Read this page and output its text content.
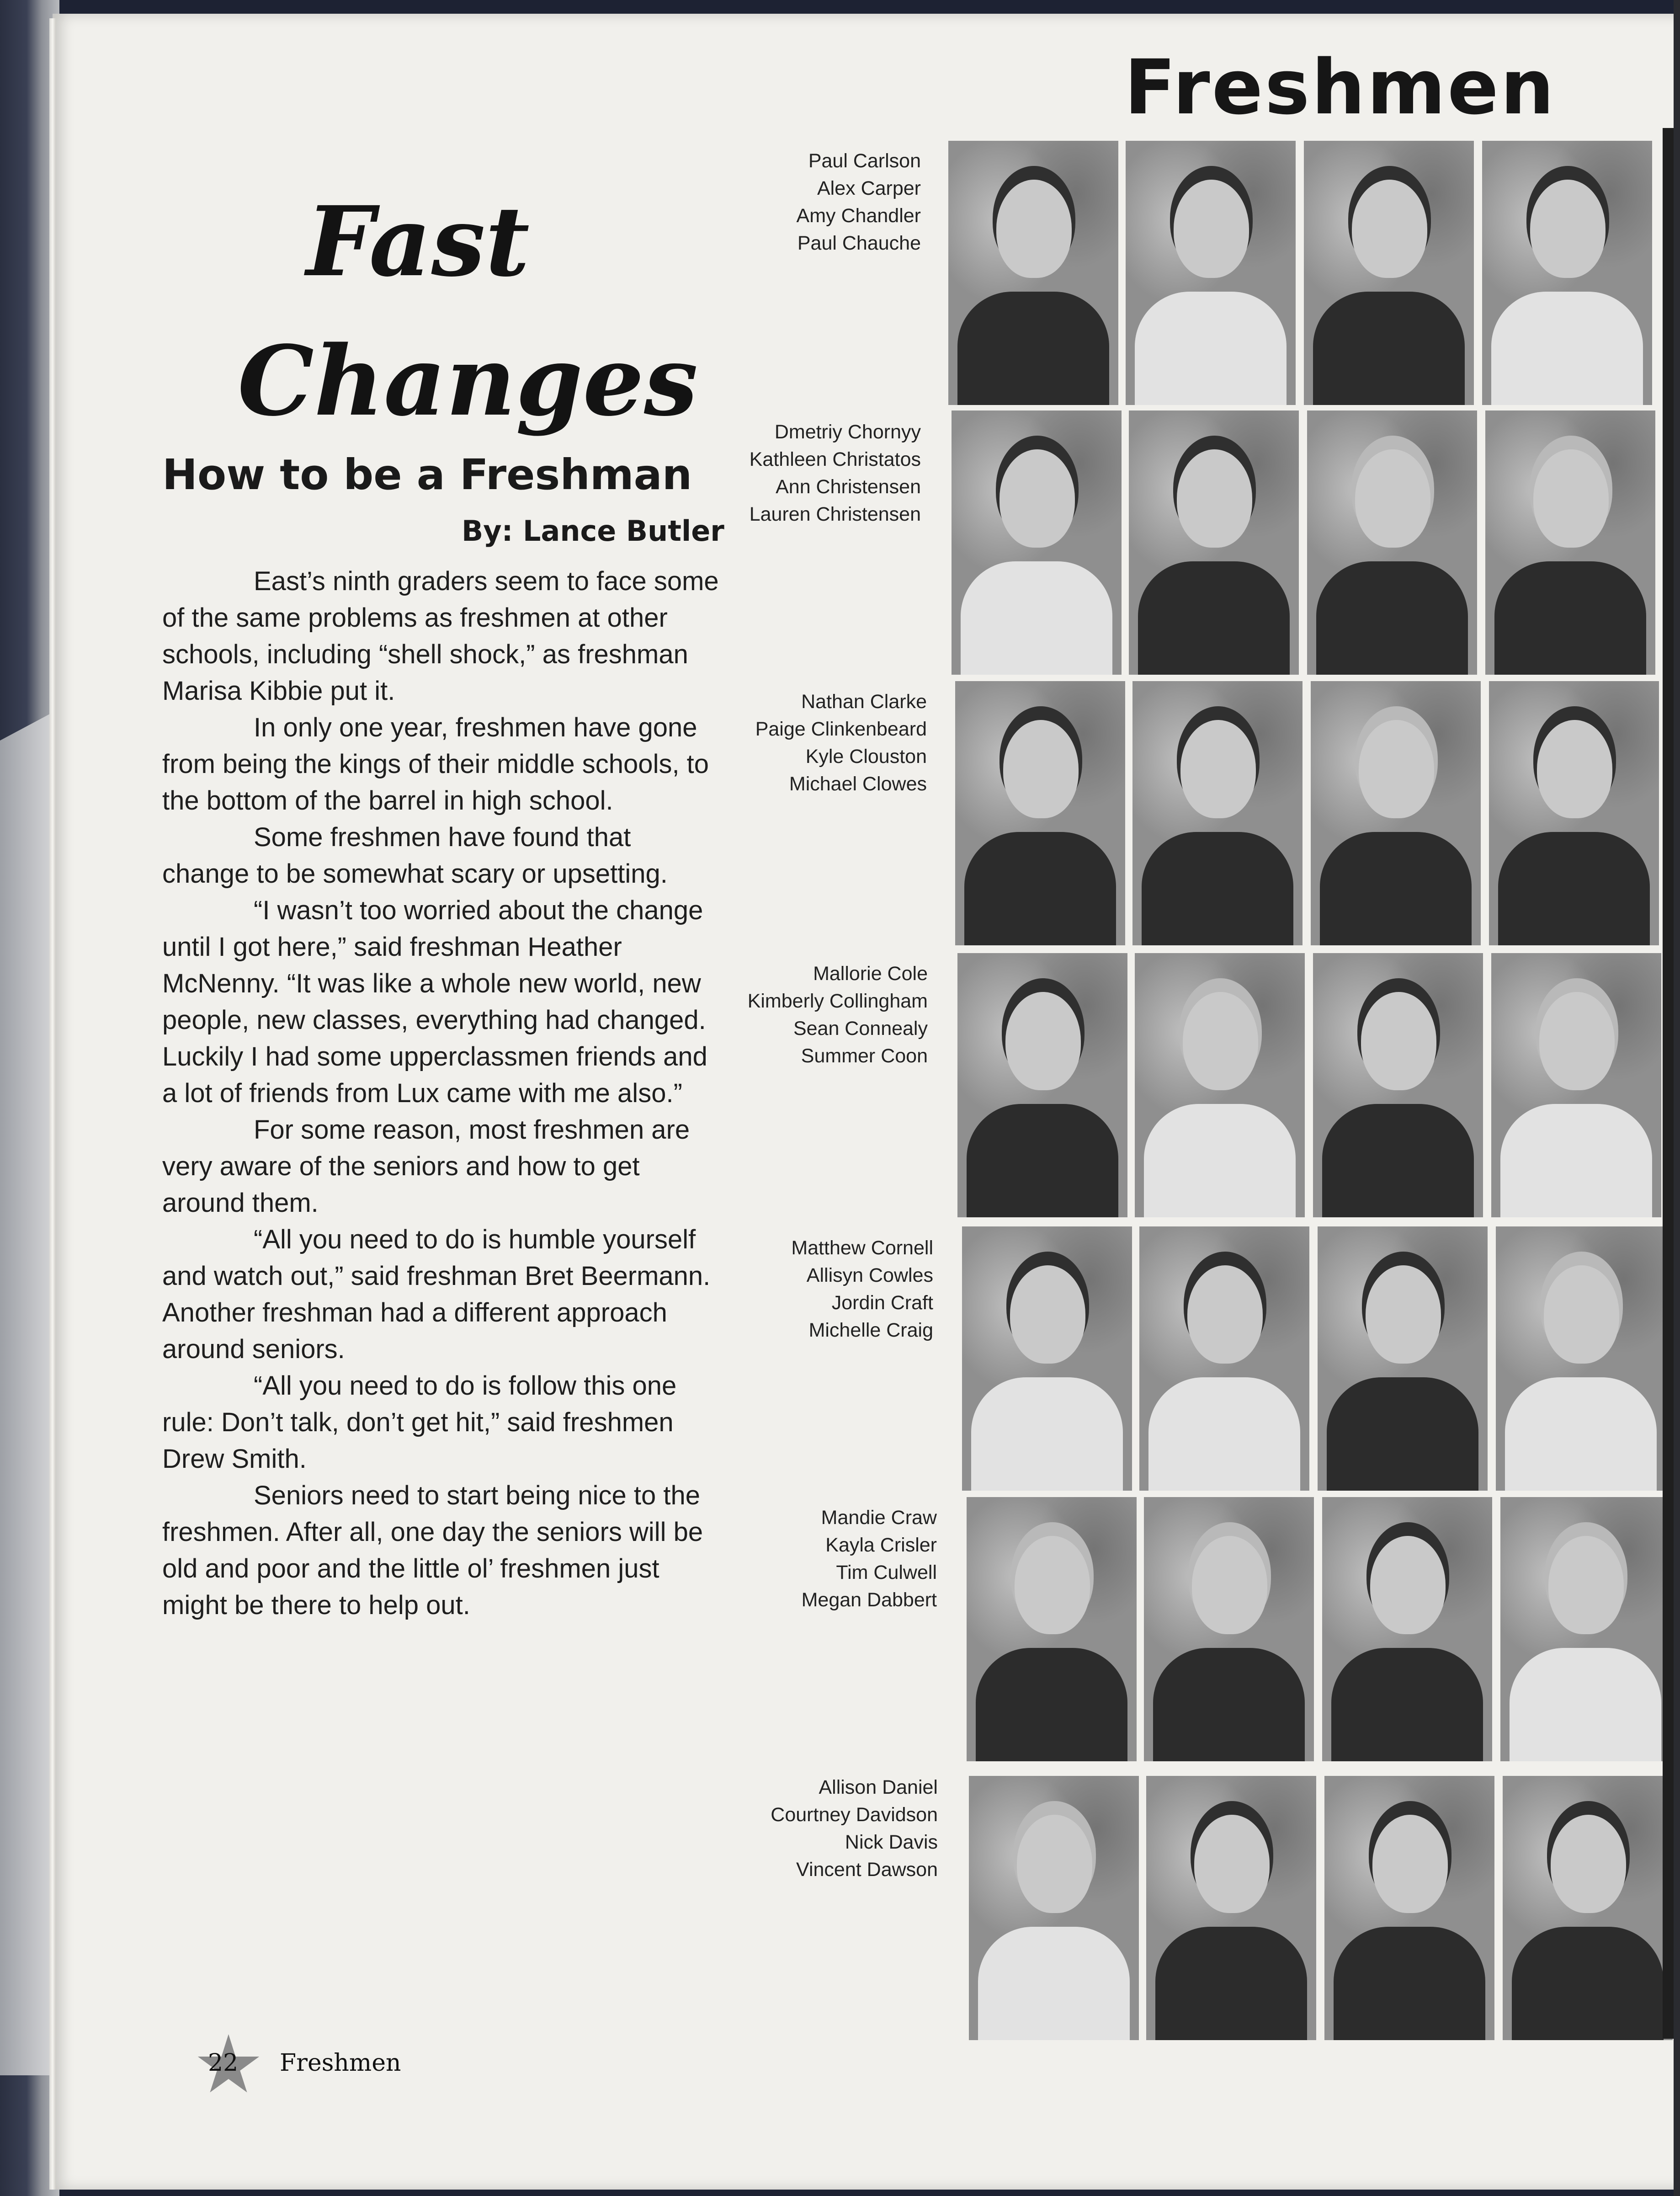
Freshmen
Fast
Changes
How to be a Freshman
By: Lance Butler

East’s ninth graders seem to face some of the same problems as freshmen at other schools, including “shell shock,” as freshman Marisa Kibbie put it.

In only one year, freshmen have gone from being the kings of their middle schools, to the bottom of the barrel in high school.

Some freshmen have found that change to be somewhat scary or upsetting.

“I wasn’t too worried about the change until I got here,” said freshman Heather McNenny. “It was like a whole new world, new people, new classes, everything had changed. Luckily I had some upperclassmen friends and a lot of friends from Lux came with me also.”

For some reason, most freshmen are very aware of the seniors and how to get around them.

“All you need to do is humble yourself and watch out,” said freshman Bret Beermann. Another freshman had a different approach around seniors.

“All you need to do is follow this one rule: Don’t talk, don’t get hit,” said freshmen Drew Smith.

Seniors need to start being nice to the freshmen. After all, one day the seniors will be old and poor and the little ol’ freshmen just might be there to help out.

Paul Carlson
Alex Carper
Amy Chandler
Paul Chauche
Dmetriy Chornyy
Kathleen Christatos
Ann Christensen
Lauren Christensen
Nathan Clarke
Paige Clinkenbeard
Kyle Clouston
Michael Clowes
Mallorie Cole
Kimberly Collingham
Sean Connealy
Summer Coon
Matthew Cornell
Allisyn Cowles
Jordin Craft
Michelle Craig
Mandie Craw
Kayla Crisler
Tim Culwell
Megan Dabbert
Allison Daniel
Courtney Davidson
Nick Davis
Vincent Dawson
22 Freshmen
